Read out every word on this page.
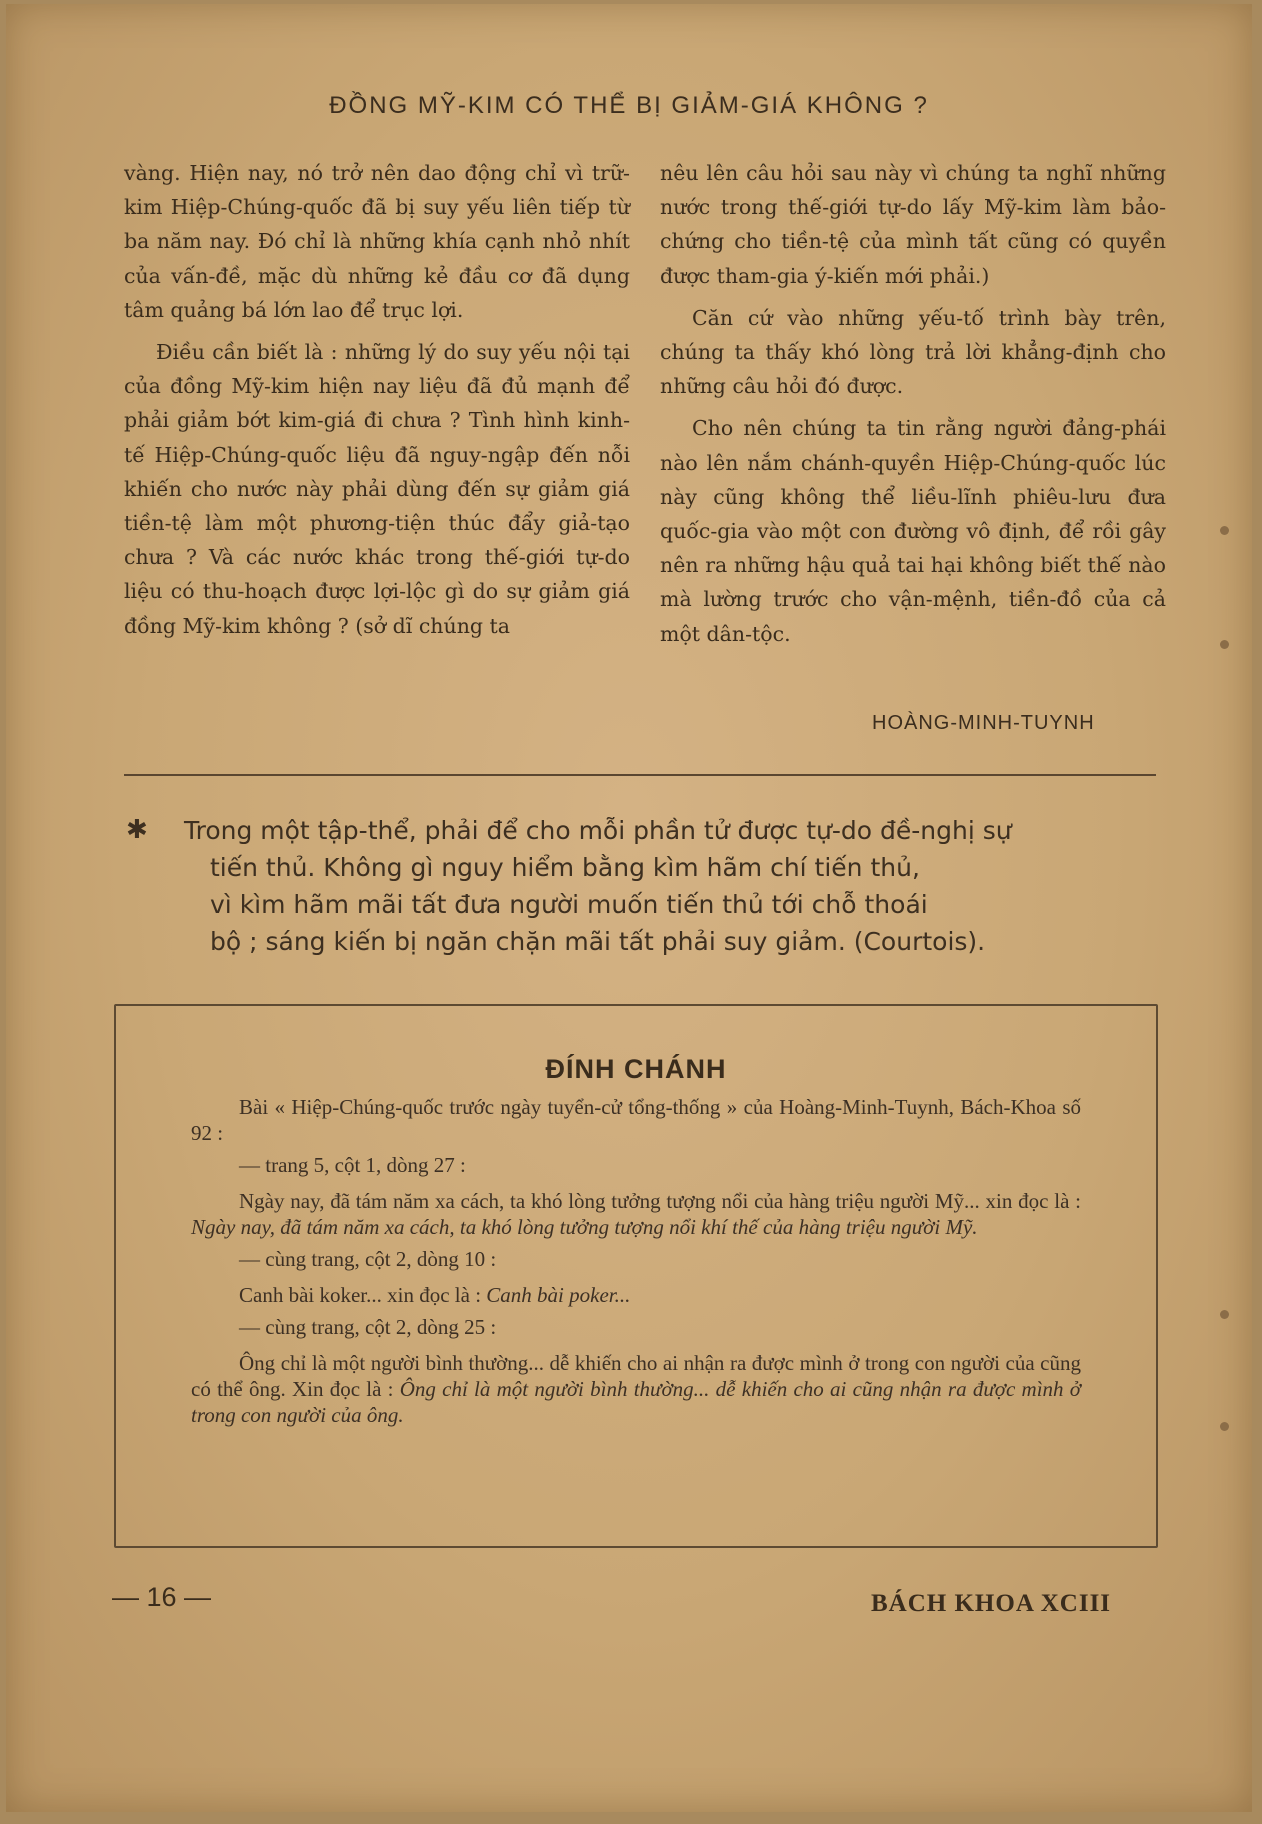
ĐỒNG MỸ-KIM CÓ THỂ BỊ GIẢM-GIÁ KHÔNG ?

vàng. Hiện nay, nó trở nên dao động chỉ vì trữ-kim Hiệp-Chúng-quốc đã bị suy yếu liên tiếp từ ba năm nay. Đó chỉ là những khía cạnh nhỏ nhít của vấn-đề, mặc dù những kẻ đầu cơ đã dụng tâm quảng bá lớn lao để trục lợi.

Điều cần biết là : những lý do suy yếu nội tại của đồng Mỹ-kim hiện nay liệu đã đủ mạnh để phải giảm bớt kim-giá đi chưa ? Tình hình kinh-tế Hiệp-Chúng-quốc liệu đã nguy-ngập đến nỗi khiến cho nước này phải dùng đến sự giảm giá tiền-tệ làm một phương-tiện thúc đẩy giả-tạo chưa ? Và các nước khác trong thế-giới tự-do liệu có thu-hoạch được lợi-lộc gì do sự giảm giá đồng Mỹ-kim không ? (sở dĩ chúng ta

nêu lên câu hỏi sau này vì chúng ta nghĩ những nước trong thế-giới tự-do lấy Mỹ-kim làm bảo-chứng cho tiền-tệ của mình tất cũng có quyền được tham-gia ý-kiến mới phải.)

Căn cứ vào những yếu-tố trình bày trên, chúng ta thấy khó lòng trả lời khẳng-định cho những câu hỏi đó được.

Cho nên chúng ta tin rằng người đảng-phái nào lên nắm chánh-quyền Hiệp-Chúng-quốc lúc này cũng không thể liều-lĩnh phiêu-lưu đưa quốc-gia vào một con đường vô định, để rồi gây nên ra những hậu quả tai hại không biết thế nào mà lường trước cho vận-mệnh, tiền-đồ của cả một dân-tộc.

HOÀNG-MINH-TUYNH
✱ Trong một tập-thể, phải để cho mỗi phần tử được tự-do đề-nghị sự
tiến thủ. Không gì nguy hiểm bằng kìm hãm chí tiến thủ,
vì kìm hãm mãi tất đưa người muốn tiến thủ tới chỗ thoái
bộ ; sáng kiến bị ngăn chặn mãi tất phải suy giảm. (Courtois).
ĐÍNH CHÁNH

Bài « Hiệp-Chúng-quốc trước ngày tuyển-cử tổng-thống » của Hoàng-Minh-Tuynh, Bách-Khoa số 92 :

— trang 5, cột 1, dòng 27 :

Ngày nay, đã tám năm xa cách, ta khó lòng tưởng tượng nổi của hàng triệu người Mỹ... xin đọc là : Ngày nay, đã tám năm xa cách, ta khó lòng tưởng tượng nổi khí thế của hàng triệu người Mỹ.

— cùng trang, cột 2, dòng 10 :

Canh bài koker... xin đọc là : Canh bài poker...

— cùng trang, cột 2, dòng 25 :

Ông chỉ là một người bình thường... dễ khiến cho ai nhận ra được mình ở trong con người của cũng có thể ông. Xin đọc là : Ông chỉ là một người bình thường... dễ khiến cho ai cũng nhận ra được mình ở trong con người của ông.

— 16 —	BÁCH KHOA XCIII
